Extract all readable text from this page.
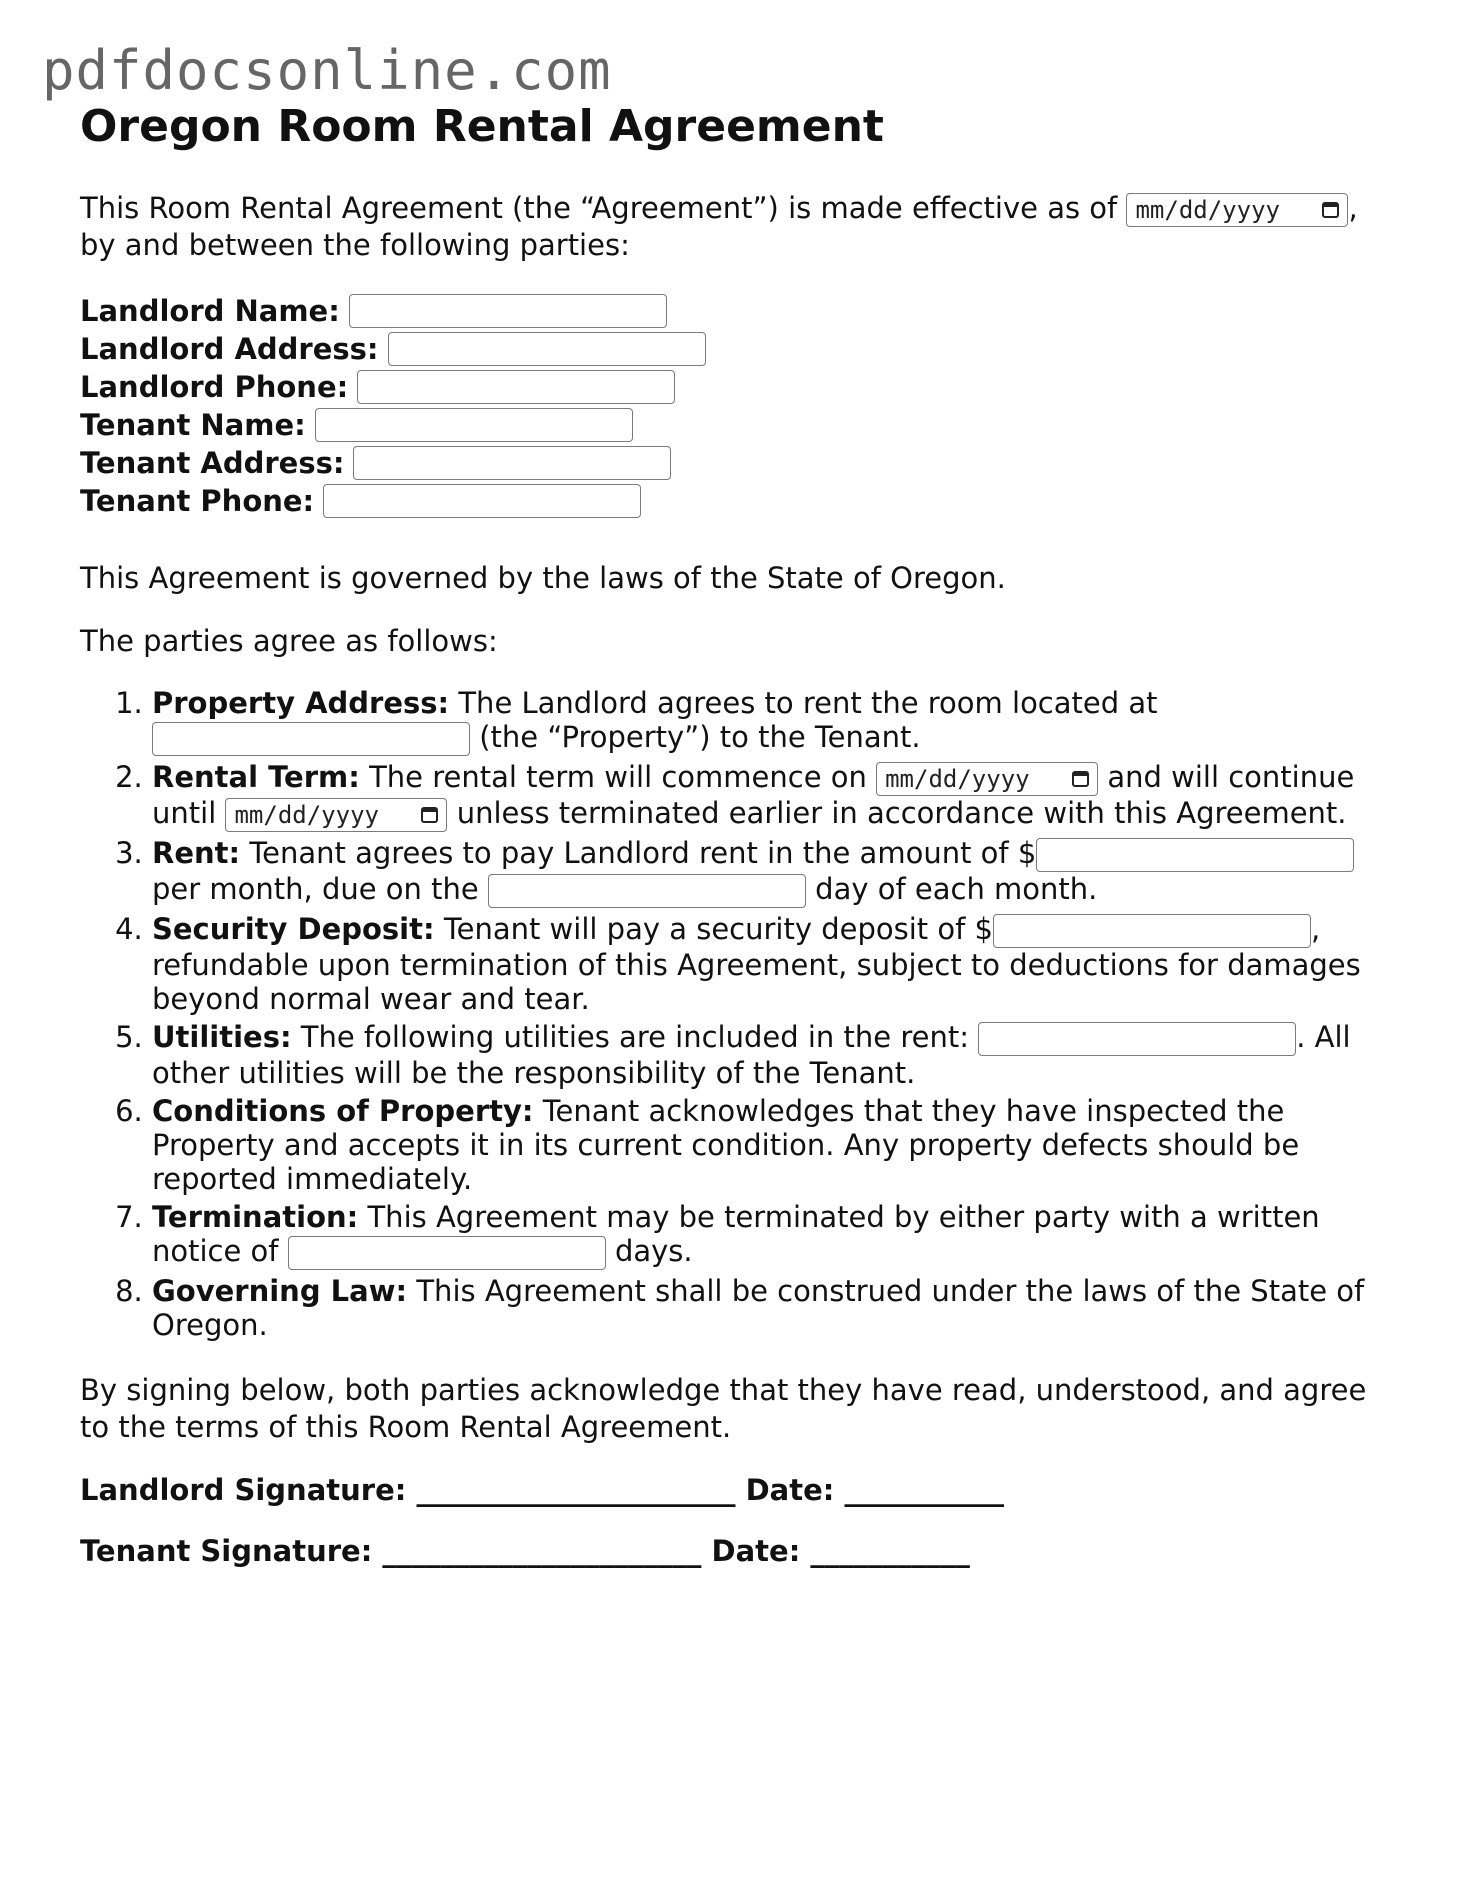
pdfdocsonline.com
Oregon Room Rental Agreement

This Room Rental Agreement (the “Agreement”) is made effective as of mm/dd/yyyy , by and between the following parties:

Landlord Name:
Landlord Address:
Landlord Phone:
Tenant Name:
Tenant Address:
Tenant Phone:

This Agreement is governed by the laws of the State of Oregon.

The parties agree as follows:

1. Property Address: The Landlord agrees to rent the room located at  (the “Property”) to the Tenant.
2. Rental Term: The rental term will commence on mm/dd/yyyy	and will continue until mm/dd/yyyy	unless terminated earlier in accordance with this Agreement.
3. Rent: Tenant agrees to pay Landlord rent in the amount of $ per month, due on the	day of each month.
4. Security Deposit: Tenant will pay a security deposit of $	, refundable upon termination of this Agreement, subject to deductions for damages beyond normal wear and tear.
5. Utilities: The following utilities are included in the rent:	. All other utilities will be the responsibility of the Tenant.
6. Conditions of Property: Tenant acknowledges that they have inspected the Property and accepts it in its current condition. Any property defects should be reported immediately.
7. Termination: This Agreement may be terminated by either party with a written notice of	days.
8. Governing Law: This Agreement shall be construed under the laws of the State of Oregon.

By signing below, both parties acknowledge that they have read, understood, and agree to the terms of this Room Rental Agreement.

Landlord Signature: ______________________ Date: ___________
Tenant Signature: ______________________ Date: ___________
